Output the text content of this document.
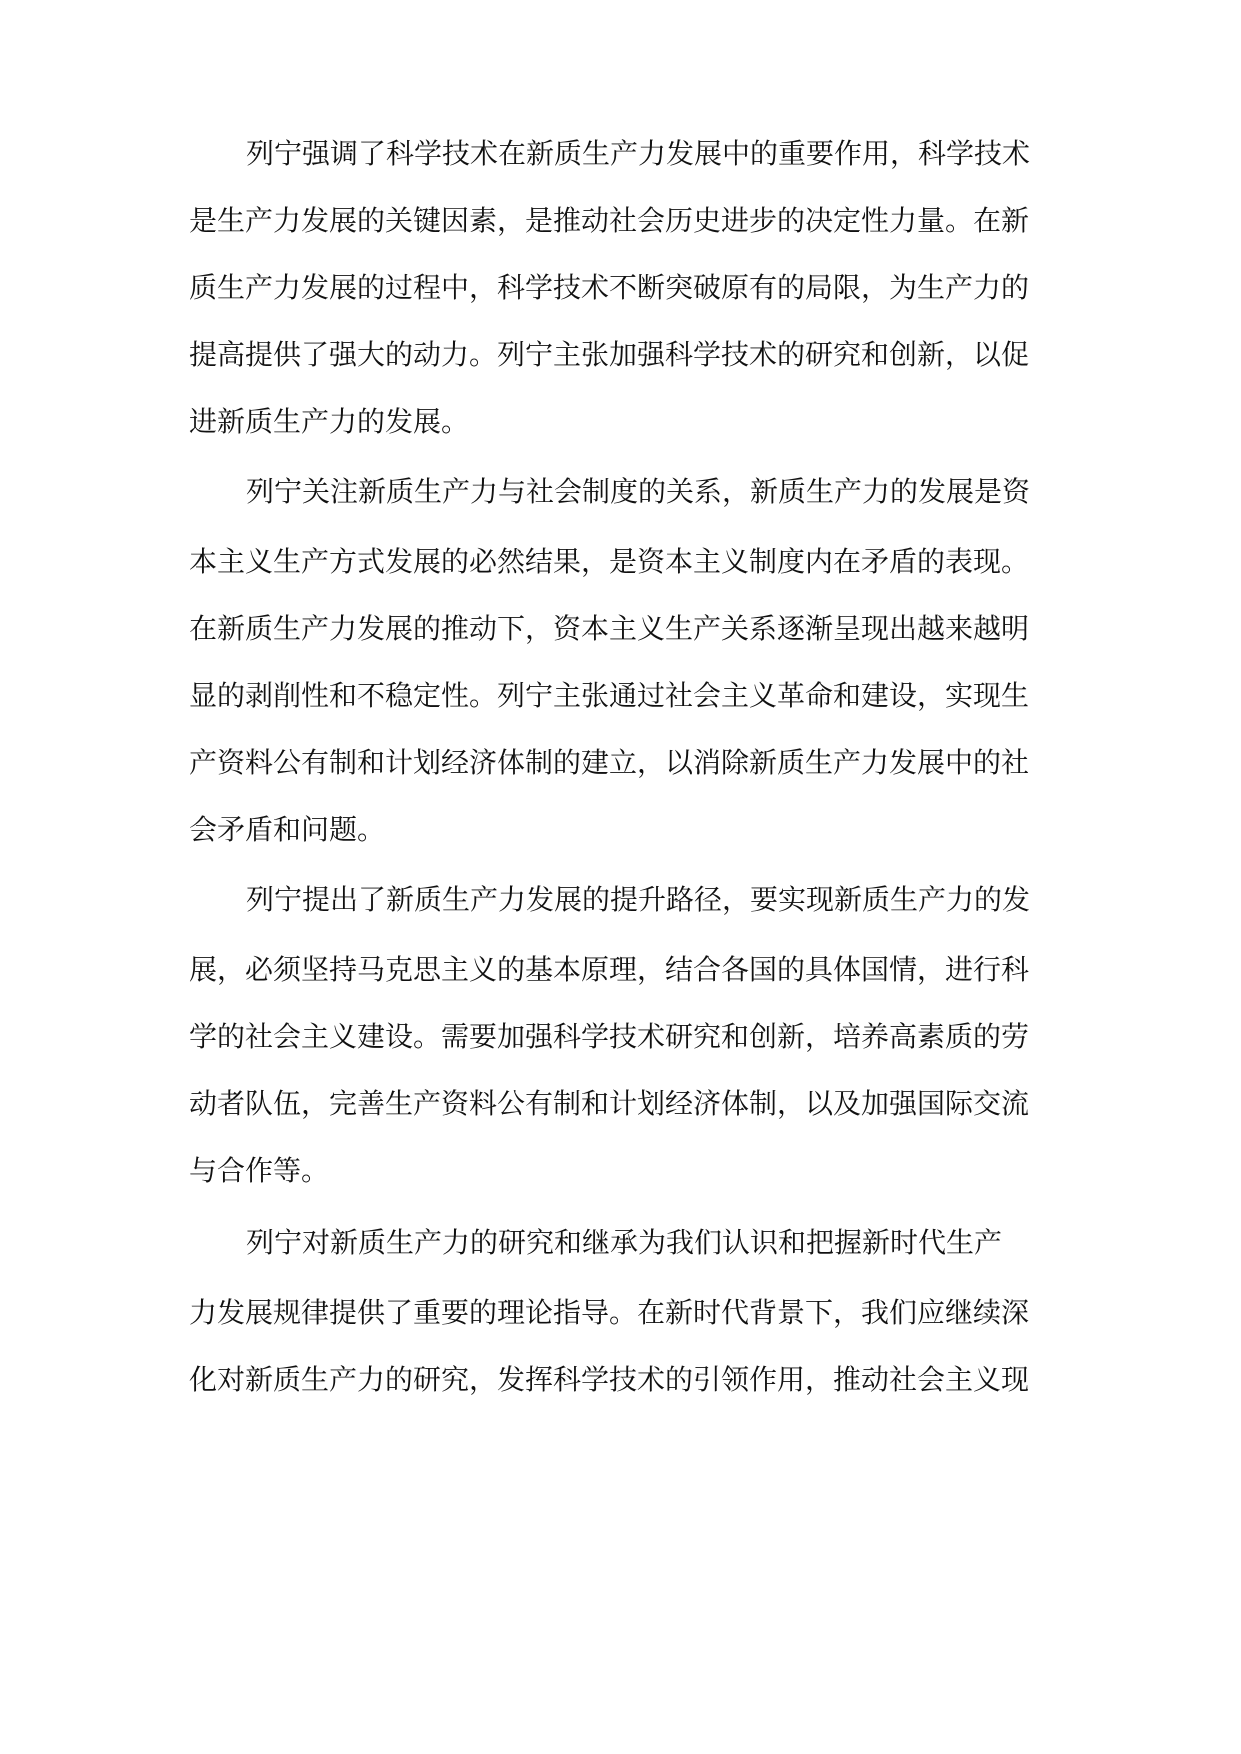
列宁强调了科学技术在新质生产力发展中的重要作用，科学技术
是生产力发展的关键因素，是推动社会历史进步的决定性力量。在新
质生产力发展的过程中，科学技术不断突破原有的局限，为生产力的
提高提供了强大的动力。列宁主张加强科学技术的研究和创新，以促
进新质生产力的发展。
列宁关注新质生产力与社会制度的关系，新质生产力的发展是资
本主义生产方式发展的必然结果，是资本主义制度内在矛盾的表现。
在新质生产力发展的推动下，资本主义生产关系逐渐呈现出越来越明
显的剥削性和不稳定性。列宁主张通过社会主义革命和建设，实现生
产资料公有制和计划经济体制的建立，以消除新质生产力发展中的社
会矛盾和问题。
列宁提出了新质生产力发展的提升路径，要实现新质生产力的发
展，必须坚持马克思主义的基本原理，结合各国的具体国情，进行科
学的社会主义建设。需要加强科学技术研究和创新，培养高素质的劳
动者队伍，完善生产资料公有制和计划经济体制，以及加强国际交流
与合作等。
列宁对新质生产力的研究和继承为我们认识和把握新时代生产
力发展规律提供了重要的理论指导。在新时代背景下，我们应继续深
化对新质生产力的研究，发挥科学技术的引领作用，推动社会主义现
